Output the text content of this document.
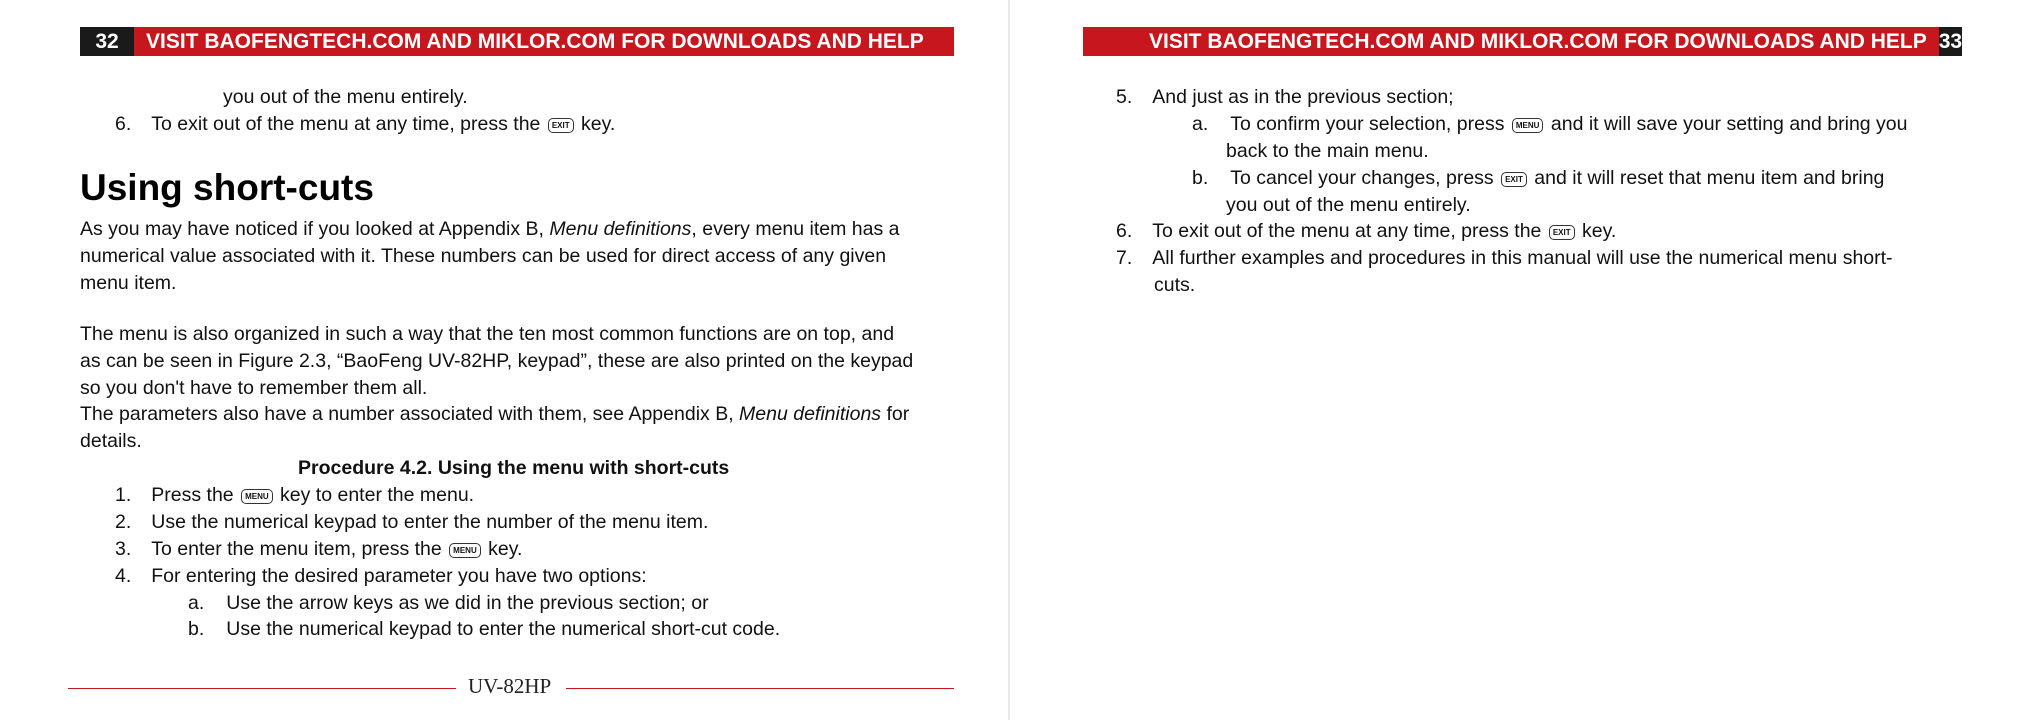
32	VISIT BAOFENGTECH.COM AND MIKLOR.COM FOR DOWNLOADS AND HELP
you out of the menu entirely.
6. To exit out of the menu at any time, press the EXIT key.
Using short-cuts
As you may have noticed if you looked at Appendix B, Menu definitions, every menu item has a
numerical value associated with it. These numbers can be used for direct access of any given
menu item.
The menu is also organized in such a way that the ten most common functions are on top, and
as can be seen in Figure 2.3, “BaoFeng UV-82HP, keypad”, these are also printed on the keypad
so you don't have to remember them all.
The parameters also have a number associated with them, see Appendix B, Menu definitions for
details.
Procedure 4.2. Using the menu with short-cuts
1. Press the MENU key to enter the menu.
2. Use the numerical keypad to enter the number of the menu item.
3. To enter the menu item, press the MENU key.
4. For entering the desired parameter you have two options:
a. Use the arrow keys as we did in the previous section; or
b. Use the numerical keypad to enter the numerical short-cut code.
UV-82HP
VISIT BAOFENGTECH.COM AND MIKLOR.COM FOR DOWNLOADS AND HELP 33
5. And just as in the previous section;
a. To confirm your selection, press MENU and it will save your setting and bring you
back to the main menu.
b. To cancel your changes, press EXIT and it will reset that menu item and bring
you out of the menu entirely.
6. To exit out of the menu at any time, press the EXIT key.
7. All further examples and procedures in this manual will use the numerical menu short-
cuts.
